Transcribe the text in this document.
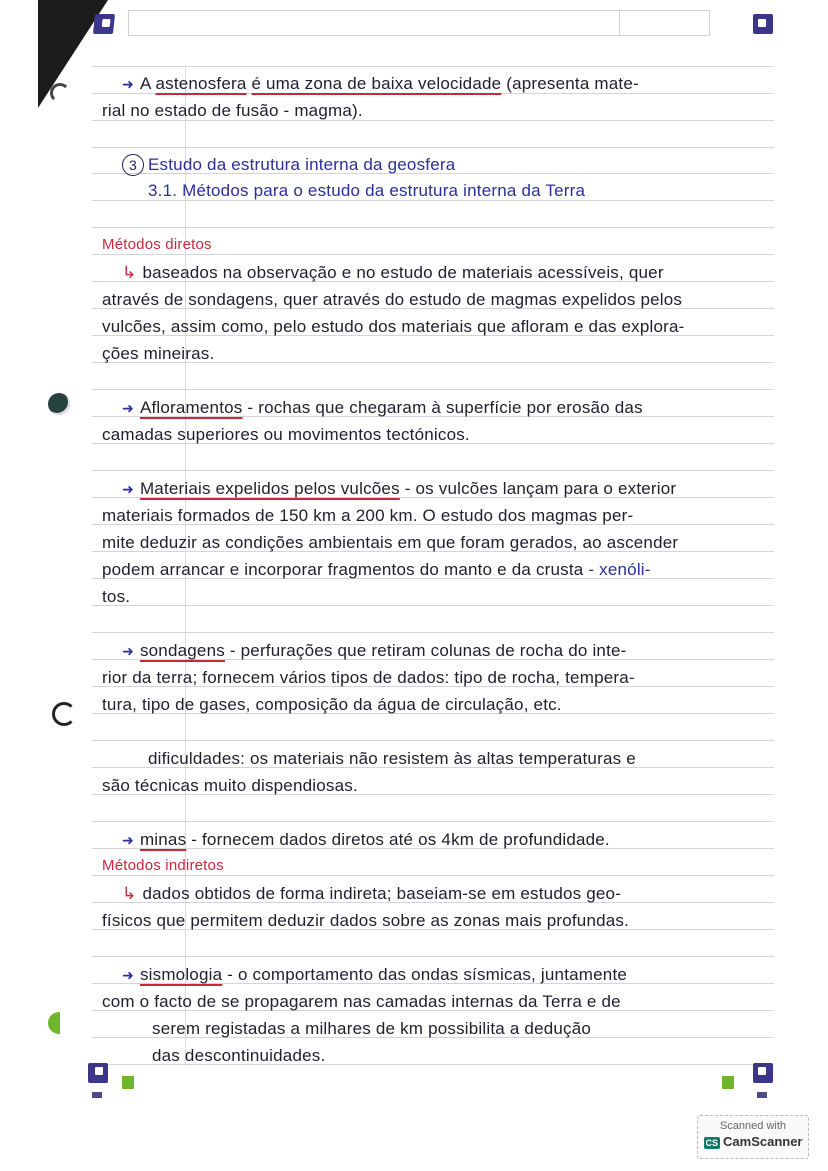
➜ A astenosfera é uma zona de baixa velocidade (apresenta mate-
rial no estado de fusão - magma).
3 Estudo da estrutura interna da geosfera
3.1. Métodos para o estudo da estrutura interna da Terra
Métodos diretos
↳ baseados na observação e no estudo de materiais acessíveis, quer
através de sondagens, quer através do estudo de magmas expelidos pelos
vulcões, assim como, pelo estudo dos materiais que afloram e das explora-
ções mineiras.
➜ Afloramentos - rochas que chegaram à superfície por erosão das
camadas superiores ou movimentos tectónicos.
➜ Materiais expelidos pelos vulcões - os vulcões lançam para o exterior
materiais formados de 150 km a 200 km. O estudo dos magmas per-
mite deduzir as condições ambientais em que foram gerados, ao ascender
podem arrancar e incorporar fragmentos do manto e da crusta - xenóli-
tos.
➜ sondagens - perfurações que retiram colunas de rocha do inte-
rior da terra; fornecem vários tipos de dados: tipo de rocha, tempera-
tura, tipo de gases, composição da água de circulação, etc.
dificuldades: os materiais não resistem às altas temperaturas e
são técnicas muito dispendiosas.
➜ minas - fornecem dados diretos até os 4km de profundidade.
Métodos indiretos
↳ dados obtidos de forma indireta; baseiam-se em estudos geo-
físicos que permitem deduzir dados sobre as zonas mais profundas.
➜ sismologia - o comportamento das ondas sísmicas, juntamente
com o facto de se propagarem nas camadas internas da Terra e de
serem registadas a milhares de km possibilita a dedução
das descontinuidades.
Scanned with
CS CamScanner
